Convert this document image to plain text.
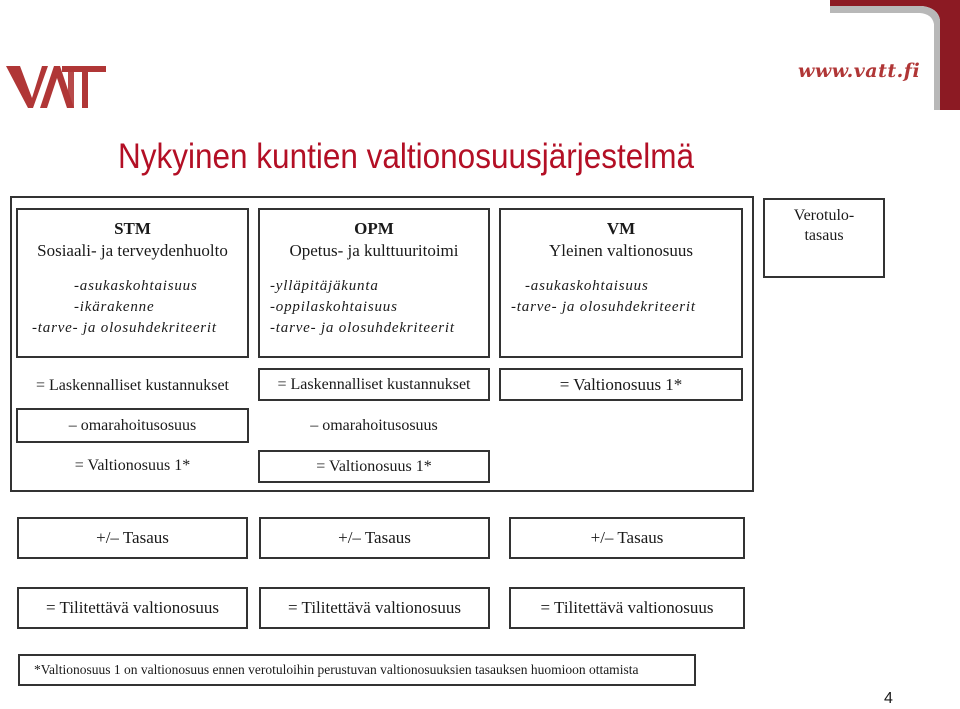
www.vatt.fi
Nykyinen kuntien valtionosuusjärjestelmä
STM
Sosiaali- ja terveydenhuolto
-asukaskohtaisuus
-ikärakenne
-tarve- ja olosuhdekriteerit
OPM
Opetus- ja kulttuuritoimi
-ylläpitäjäkunta
-oppilaskohtaisuus
-tarve- ja olosuhdekriteerit
VM
Yleinen valtionosuus
-asukaskohtaisuus
-tarve- ja olosuhdekriteerit
Verotulo-
tasaus
= Laskennalliset kustannukset	= Laskennalliset kustannukset	= Valtionosuus 1*
– omarahoitusosuus	– omarahoitusosuus
= Valtionosuus 1*	= Valtionosuus 1*
+/– Tasaus	+/– Tasaus	+/– Tasaus
= Tilitettävä valtionosuus	= Tilitettävä valtionosuus	= Tilitettävä valtionosuus
*Valtionosuus 1 on valtionosuus ennen verotuloihin perustuvan valtionosuuksien tasauksen huomioon ottamista
4
